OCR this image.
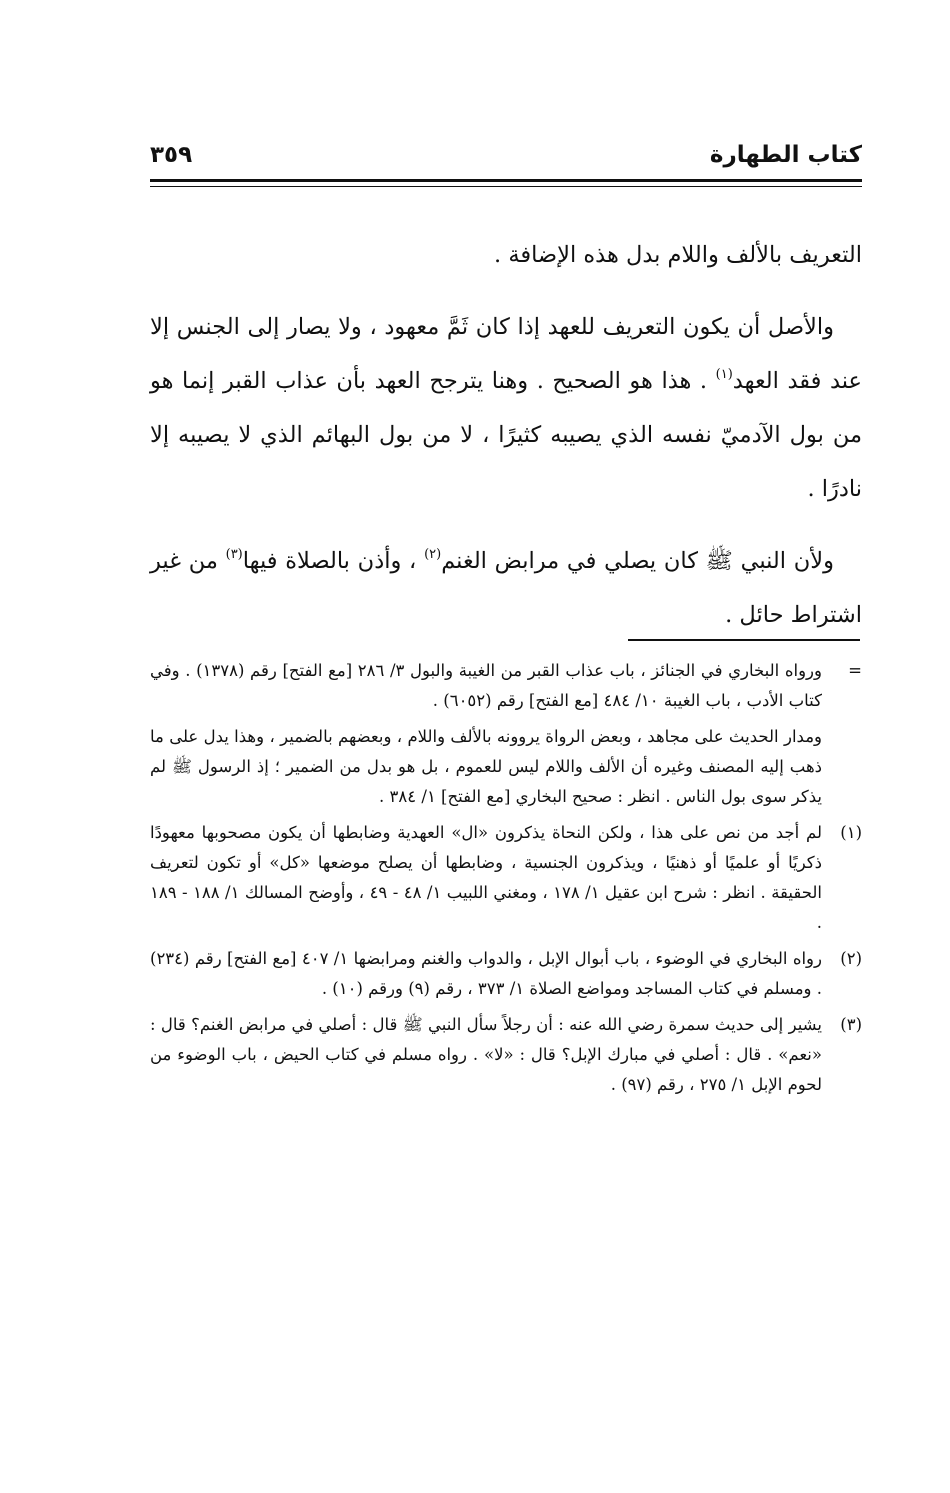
كتاب الطهارة
٣٥٩

التعريف بالألف واللام بدل هذه الإضافة .

والأصل أن يكون التعريف للعهد إذا كان ثَمَّ معهود ، ولا يصار إلى الجنس إلا عند فقد العهد$^{(١)}$ . هذا هو الصحيح . وهنا يترجح العهد بأن عذاب القبر إنما هو من بول الآدميّ نفسه الذي يصيبه كثيرًا ، لا من بول البهائم الذي لا يصيبه إلا نادرًا .

ولأن النبي ﷺ كان يصلي في مرابض الغنم$^{(٢)}$ ، وأذن بالصلاة فيها$^{(٣)}$ من غير اشتراط حائل .

=
ورواه البخاري في الجنائز ، باب عذاب القبر من الغيبة والبول ٣/ ٢٨٦ [مع الفتح] رقم (١٣٧٨) . وفي كتاب الأدب ، باب الغيبة ١٠/ ٤٨٤ [مع الفتح] رقم (٦٠٥٢) .
ومدار الحديث على مجاهد ، وبعض الرواة يروونه بالألف واللام ، وبعضهم بالضمير ، وهذا يدل على ما ذهب إليه المصنف وغيره أن الألف واللام ليس للعموم ، بل هو بدل من الضمير ؛ إذ الرسول ﷺ لم يذكر سوى بول الناس . انظر : صحيح البخاري [مع الفتح] ١/ ٣٨٤ .
(١)
لم أجد من نص على هذا ، ولكن النحاة يذكرون «ال» العهدية وضابطها أن يكون مصحوبها معهودًا ذكريًا أو علميًا أو ذهنيًا ، ويذكرون الجنسية ، وضابطها أن يصلح موضعها «كل» أو تكون لتعريف الحقيقة . انظر : شرح ابن عقيل ١/ ١٧٨ ، ومغني اللبيب ١/ ٤٨ - ٤٩ ، وأوضح المسالك ١/ ١٨٨ - ١٨٩ .
(٢)
رواه البخاري في الوضوء ، باب أبوال الإبل ، والدواب والغنم ومرابضها ١/ ٤٠٧ [مع الفتح] رقم (٢٣٤) . ومسلم في كتاب المساجد ومواضع الصلاة ١/ ٣٧٣ ، رقم (٩) ورقم (١٠) .
(٣)
يشير إلى حديث سمرة رضي الله عنه : أن رجلاً سأل النبي ﷺ قال : أصلي في مرابض الغنم؟ قال : «نعم» . قال : أصلي في مبارك الإبل؟ قال : «لا» . رواه مسلم في كتاب الحيض ، باب الوضوء من لحوم الإبل ١/ ٢٧٥ ، رقم (٩٧) .
